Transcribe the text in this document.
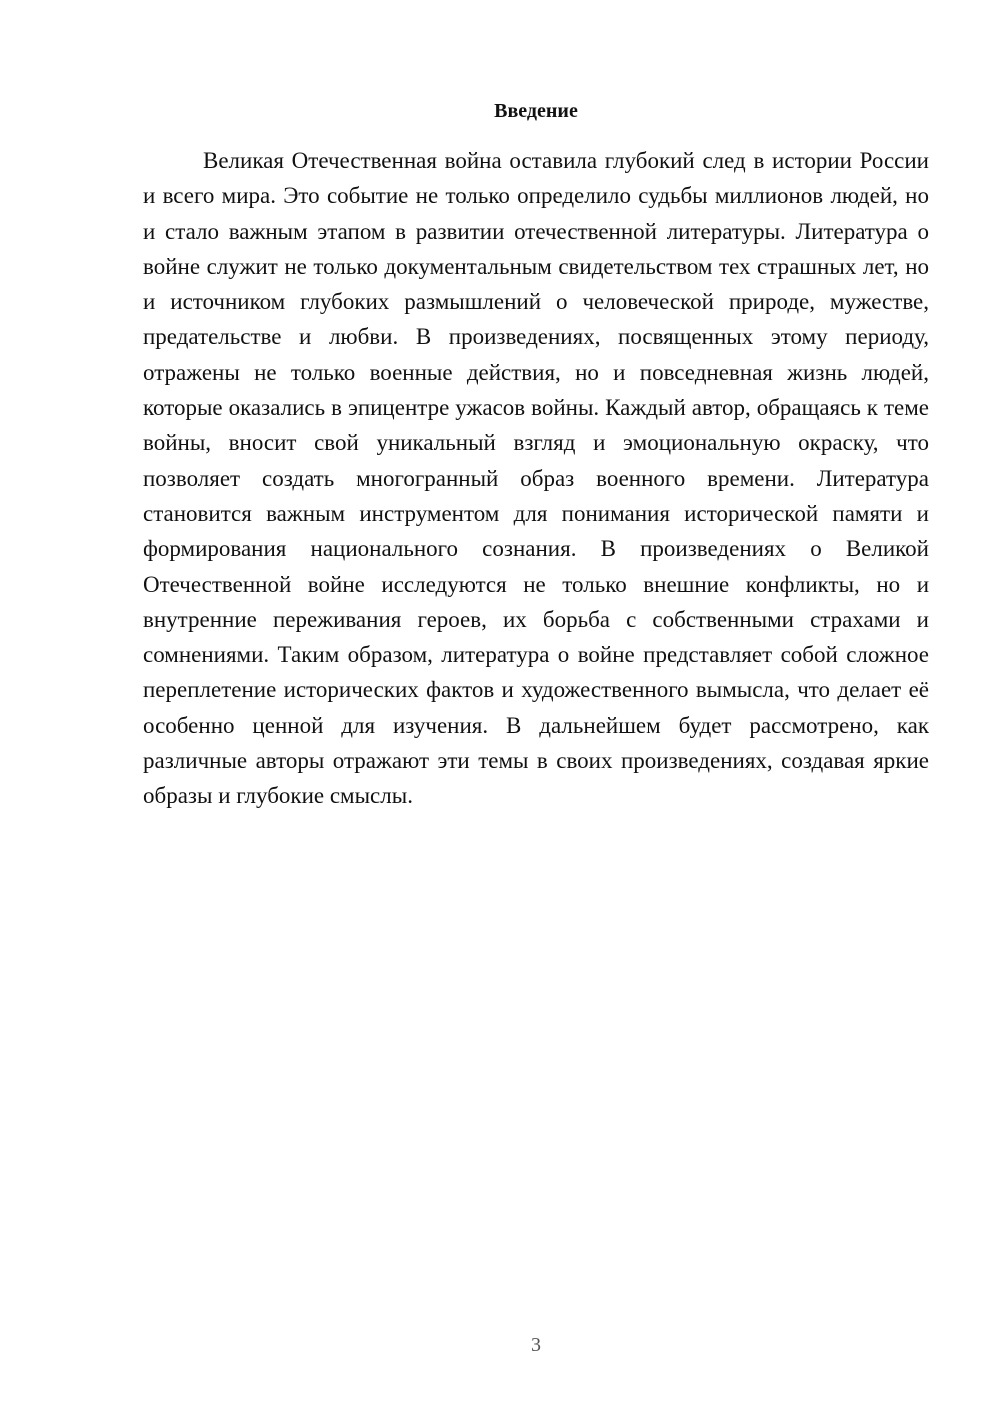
Введение

Великая Отечественная война оставила глубокий след в истории России и всего мира. Это событие не только определило судьбы миллионов людей, но и стало важным этапом в развитии отечественной литературы. Литература о войне служит не только документальным свидетельством тех страшных лет, но и источником глубоких размышлений о человеческой природе, мужестве, предательстве и любви. В произведениях, посвященных этому периоду, отражены не только военные действия, но и повседневная жизнь людей, которые оказались в эпицентре ужасов войны. Каждый автор, обращаясь к теме войны, вносит свой уникальный взгляд и эмоциональную окраску, что позволяет создать многогранный образ военного времени. Литература становится важным инструментом для понимания исторической памяти и формирования национального сознания. В произведениях о Великой Отечественной войне исследуются не только внешние конфликты, но и внутренние переживания героев, их борьба с собственными страхами и сомнениями. Таким образом, литература о войне представляет собой сложное переплетение исторических фактов и художественного вымысла, что делает её особенно ценной для изучения. В дальнейшем будет рассмотрено, как различные авторы отражают эти темы в своих произведениях, создавая яркие образы и глубокие смыслы.

3
